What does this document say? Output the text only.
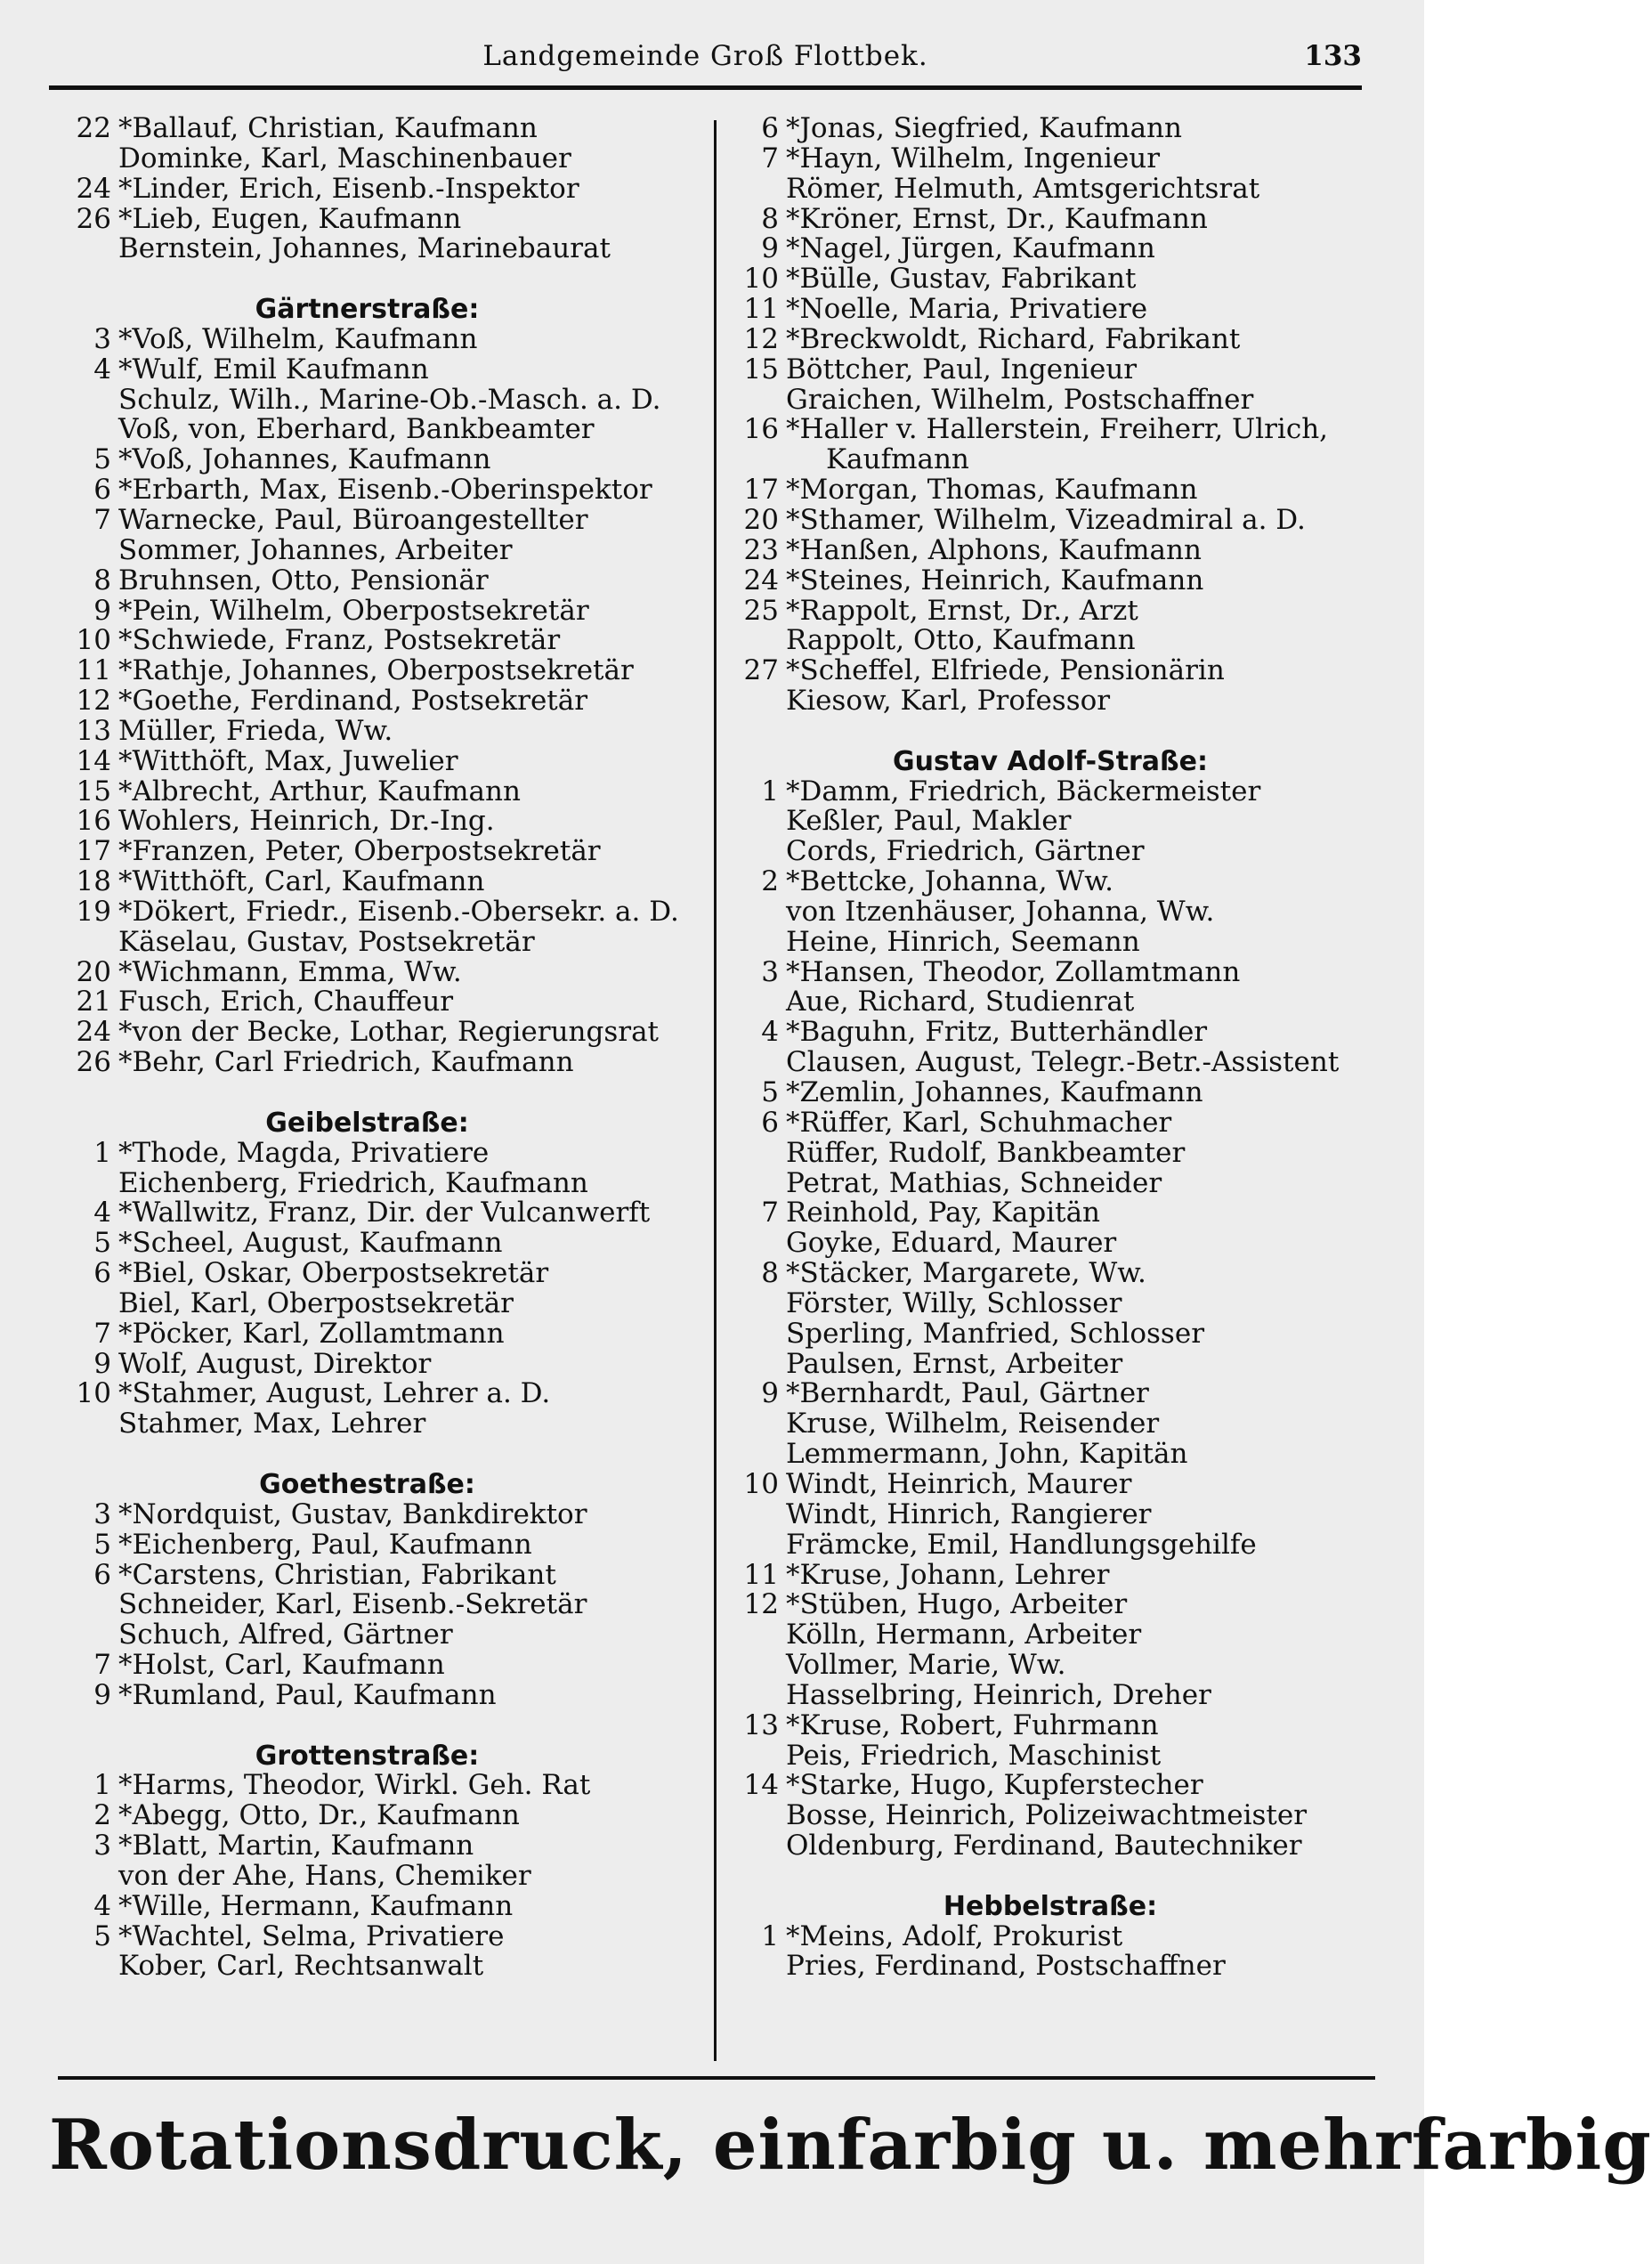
Landgemeinde Groß Flottbek.	133
22 *Ballauf, Christian, Kaufmann
Dominke, Karl, Maschinenbauer
24 *Linder, Erich, Eisenb.-Inspektor
26 *Lieb, Eugen, Kaufmann
Bernstein, Johannes, Marinebaurat
Gärtnerstraße:
3 *Voß, Wilhelm, Kaufmann
4 *Wulf, Emil Kaufmann
Schulz, Wilh., Marine-Ob.-Masch. a. D.
Voß, von, Eberhard, Bankbeamter
5 *Voß, Johannes, Kaufmann
6 *Erbarth, Max, Eisenb.-Oberinspektor
7 Warnecke, Paul, Büroangestellter
Sommer, Johannes, Arbeiter
8 Bruhnsen, Otto, Pensionär
9 *Pein, Wilhelm, Oberpostsekretär
10 *Schwiede, Franz, Postsekretär
11 *Rathje, Johannes, Oberpostsekretär
12 *Goethe, Ferdinand, Postsekretär
13 Müller, Frieda, Ww.
14 *Witthöft, Max, Juwelier
15 *Albrecht, Arthur, Kaufmann
16 Wohlers, Heinrich, Dr.-Ing.
17 *Franzen, Peter, Oberpostsekretär
18 *Witthöft, Carl, Kaufmann
19 *Dökert, Friedr., Eisenb.-Obersekr. a. D.
Käselau, Gustav, Postsekretär
20 *Wichmann, Emma, Ww.
21 Fusch, Erich, Chauffeur
24 *von der Becke, Lothar, Regierungsrat
26 *Behr, Carl Friedrich, Kaufmann
Geibelstraße:
1 *Thode, Magda, Privatiere
Eichenberg, Friedrich, Kaufmann
4 *Wallwitz, Franz, Dir. der Vulcanwerft
5 *Scheel, August, Kaufmann
6 *Biel, Oskar, Oberpostsekretär
Biel, Karl, Oberpostsekretär
7 *Pöcker, Karl, Zollamtmann
9 Wolf, August, Direktor
10 *Stahmer, August, Lehrer a. D.
Stahmer, Max, Lehrer
Goethestraße:
3 *Nordquist, Gustav, Bankdirektor
5 *Eichenberg, Paul, Kaufmann
6 *Carstens, Christian, Fabrikant
Schneider, Karl, Eisenb.-Sekretär
Schuch, Alfred, Gärtner
7 *Holst, Carl, Kaufmann
9 *Rumland, Paul, Kaufmann
Grottenstraße:
1 *Harms, Theodor, Wirkl. Geh. Rat
2 *Abegg, Otto, Dr., Kaufmann
3 *Blatt, Martin, Kaufmann
von der Ahe, Hans, Chemiker
4 *Wille, Hermann, Kaufmann
5 *Wachtel, Selma, Privatiere
Kober, Carl, Rechtsanwalt
6 *Jonas, Siegfried, Kaufmann
7 *Hayn, Wilhelm, Ingenieur
Römer, Helmuth, Amtsgerichtsrat
8 *Kröner, Ernst, Dr., Kaufmann
9 *Nagel, Jürgen, Kaufmann
10 *Bülle, Gustav, Fabrikant
11 *Noelle, Maria, Privatiere
12 *Breckwoldt, Richard, Fabrikant
15 Böttcher, Paul, Ingenieur
Graichen, Wilhelm, Postschaffner
16 *Haller v. Hallerstein, Freiherr, Ulrich,
Kaufmann
17 *Morgan, Thomas, Kaufmann
20 *Sthamer, Wilhelm, Vizeadmiral a. D.
23 *Hanßen, Alphons, Kaufmann
24 *Steines, Heinrich, Kaufmann
25 *Rappolt, Ernst, Dr., Arzt
Rappolt, Otto, Kaufmann
27 *Scheffel, Elfriede, Pensionärin
Kiesow, Karl, Professor
Gustav Adolf-Straße:
1 *Damm, Friedrich, Bäckermeister
Keßler, Paul, Makler
Cords, Friedrich, Gärtner
2 *Bettcke, Johanna, Ww.
von Itzenhäuser, Johanna, Ww.
Heine, Hinrich, Seemann
3 *Hansen, Theodor, Zollamtmann
Aue, Richard, Studienrat
4 *Baguhn, Fritz, Butterhändler
Clausen, August, Telegr.-Betr.-Assistent
5 *Zemlin, Johannes, Kaufmann
6 *Rüffer, Karl, Schuhmacher
Rüffer, Rudolf, Bankbeamter
Petrat, Mathias, Schneider
7 Reinhold, Pay, Kapitän
Goyke, Eduard, Maurer
8 *Stäcker, Margarete, Ww.
Förster, Willy, Schlosser
Sperling, Manfried, Schlosser
Paulsen, Ernst, Arbeiter
9 *Bernhardt, Paul, Gärtner
Kruse, Wilhelm, Reisender
Lemmermann, John, Kapitän
10 Windt, Heinrich, Maurer
Windt, Hinrich, Rangierer
Främcke, Emil, Handlungsgehilfe
11 *Kruse, Johann, Lehrer
12 *Stüben, Hugo, Arbeiter
Kölln, Hermann, Arbeiter
Vollmer, Marie, Ww.
Hasselbring, Heinrich, Dreher
13 *Kruse, Robert, Fuhrmann
Peis, Friedrich, Maschinist
14 *Starke, Hugo, Kupferstecher
Bosse, Heinrich, Polizeiwachtmeister
Oldenburg, Ferdinand, Bautechniker
Hebbelstraße:
1 *Meins, Adolf, Prokurist
Pries, Ferdinand, Postschaffner
Rotationsdruck, einfarbig u. mehrfarbig
